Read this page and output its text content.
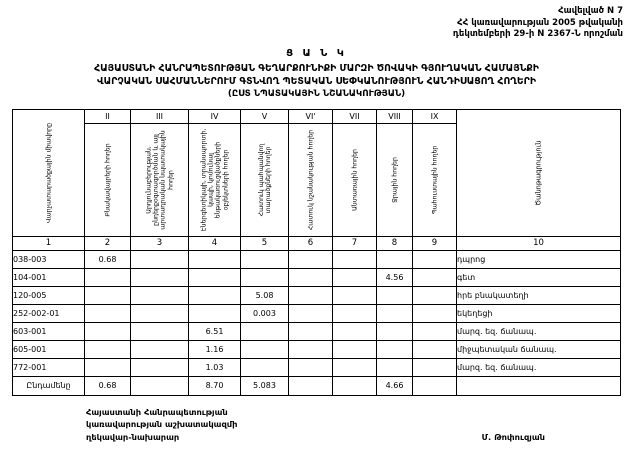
Հավելված N 7
ՀՀ կառավարության 2005 թվականի
դեկտեմբերի 29-ի N 2367-Ն որոշման
Ց Ա Ն Կ
ՀԱՅԱՍՏԱՆԻ ՀԱՆՐԱՊԵՏՈՒԹՅԱՆ ԳԵՂԱՐՔՈՒՆԻՔԻ ՄԱՐԶԻ ԾՈՎԱԿԻ ԳՅՈՒՂԱԿԱՆ ՀԱՄԱՅՆՔԻ
ՎԱՐՉԱԿԱՆ ՍԱՀՄԱՆՆԵՐՈՒՄ ԳՏՆՎՈՂ ՊԵՏԱԿԱՆ ՍԵՓԿԱՆՈՒԹՅՈՒՆ ՀԱՆԴԻՍԱՑՈՂ ՀՈՂԵՐԻ
(ԸՍՏ ՆՊԱՏԱԿԱՅԻՆ ՆՇԱՆԱԿՈՒԹՅԱՆ)
Վարչատարածքային միավորը	II	III	IV	V	VI'	VII	VIII	IX	Ծանոթագրություն

	Բնակավայրերի հողեր	Արդյունաբերության, ընդերքօգտագործման և այլ արտադրական նպատակային հողեր	Էներգետիկայի, տրանսպորտի, կապի, կոմունալ ենթակառուցվածքների օբյեկտների հողեր	Հատուկ պահպանվող տարածքների հողեր	Հատուկ նշանակության հողեր	Անտառային հողեր	Ջրային հողեր	Պահուստային հողեր	

1	2	3	4	5	6	7	8	9	10
038-003	0.68								դպրոց
104-001							4.56		գետ
120-005				5.08					հրե բնակատեղի
252-002-01				0.003					եկեղեցի
603-001			6.51						մարզ. եզ. ճանապ.
605-001			1.16						միջպետական ճանապ.
772-001			1.03						մարզ. եզ. ճանապ.
Ընդամենը	0.68		8.70	5.083			4.66		
Հայաստանի Հանրապետության
կառավարության աշխատակազմի
ղեկավար-նախարար	Մ. Թոփուզյան
